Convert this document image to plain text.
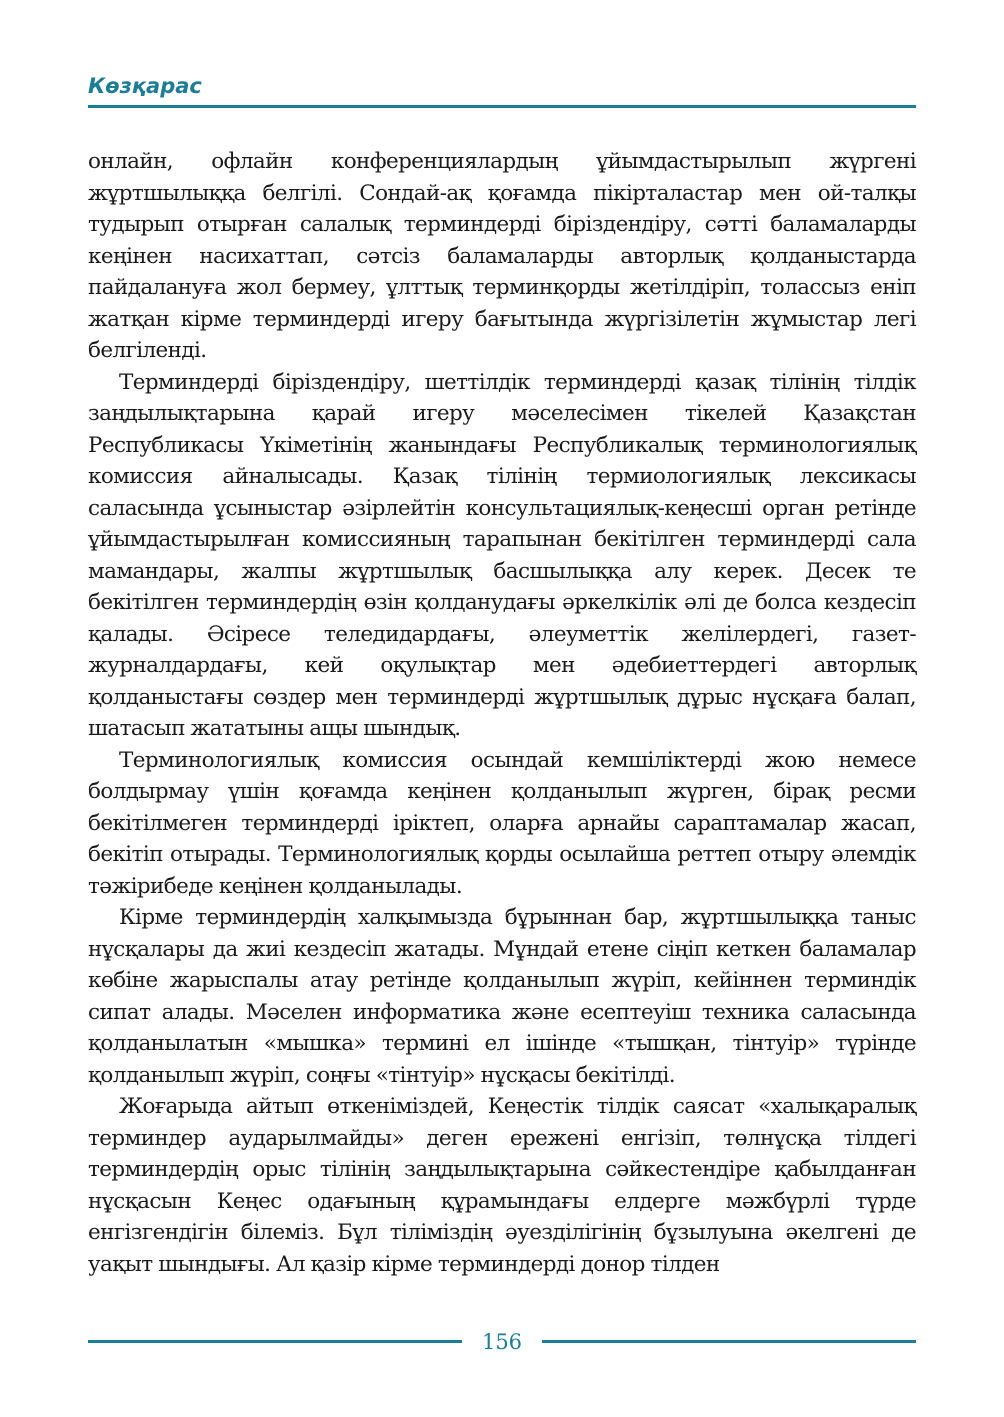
Көзқарас

онлайн, офлайн конференциялардың ұйымдастырылып жүргені жұртшылыққа белгілі. Сондай-ақ қоғамда пікірталастар мен ой-талқы тудырып отырған салалық терминдерді біріздендіру, сәтті баламаларды кеңінен насихаттап, сәтсіз баламаларды авторлық қолданыстарда пайдалануға жол бермеу, ұлттық терминқорды жетілдіріп, толассыз еніп жатқан кірме терминдерді игеру бағытында жүргізілетін жұмыстар легі белгіленді.

Терминдерді біріздендіру, шеттілдік терминдерді қазақ тілінің тілдік заңдылықтарына қарай игеру мәселесімен тікелей Қазақстан Республикасы Үкіметінің жанындағы Республикалық терминологиялық комиссия айналысады. Қазақ тілінің термиологиялық лексикасы саласында ұсыныстар әзірлейтін консультациялық-кеңесші орган ретінде ұйымдастырылған комиссияның тарапынан бекітілген терминдерді сала мамандары, жалпы жұртшылық басшылыққа алу керек. Десек те бекітілген терминдердің өзін қолданудағы әркелкілік әлі де болса кездесіп қалады. Әсіресе теледидардағы, әлеуметтік желілердегі, газет-журналдардағы, кей оқулықтар мен әдебиеттердегі авторлық қолданыстағы сөздер мен терминдерді жұртшылық дұрыс нұсқаға балап, шатасып жататыны ащы шындық.

Терминологиялық комиссия осындай кемшіліктерді жою немесе болдырмау үшін қоғамда кеңінен қолданылып жүрген, бірақ ресми бекітілмеген терминдерді іріктеп, оларға арнайы сараптамалар жасап, бекітіп отырады. Терминологиялық қорды осылайша реттеп отыру әлемдік тәжірибеде кеңінен қолданылады.

Кірме терминдердің халқымызда бұрыннан бар, жұртшылыққа таныс нұсқалары да жиі кездесіп жатады. Мұндай етене сіңіп кеткен баламалар көбіне жарыспалы атау ретінде қолданылып жүріп, кейіннен терминдік сипат алады. Мәселен информатика және есептеуіш техника саласында қолданылатын «мышка» термині ел ішінде «тышқан, тінтуір» түрінде қолданылып жүріп, соңғы «тінтуір» нұсқасы бекітілді.

Жоғарыда айтып өткеніміздей, Кеңестік тілдік саясат «халықаралық терминдер аударылмайды» деген ережені енгізіп, төлнұсқа тілдегі терминдердің орыс тілінің заңдылықтарына сәйкестендіре қабылданған нұсқасын Кеңес одағының құрамындағы елдерге мәжбүрлі түрде енгізгендігін білеміз. Бұл тіліміздің әуезділігінің бұзылуына әкелгені де уақыт шындығы. Ал қазір кірме терминдерді донор тілден

156
